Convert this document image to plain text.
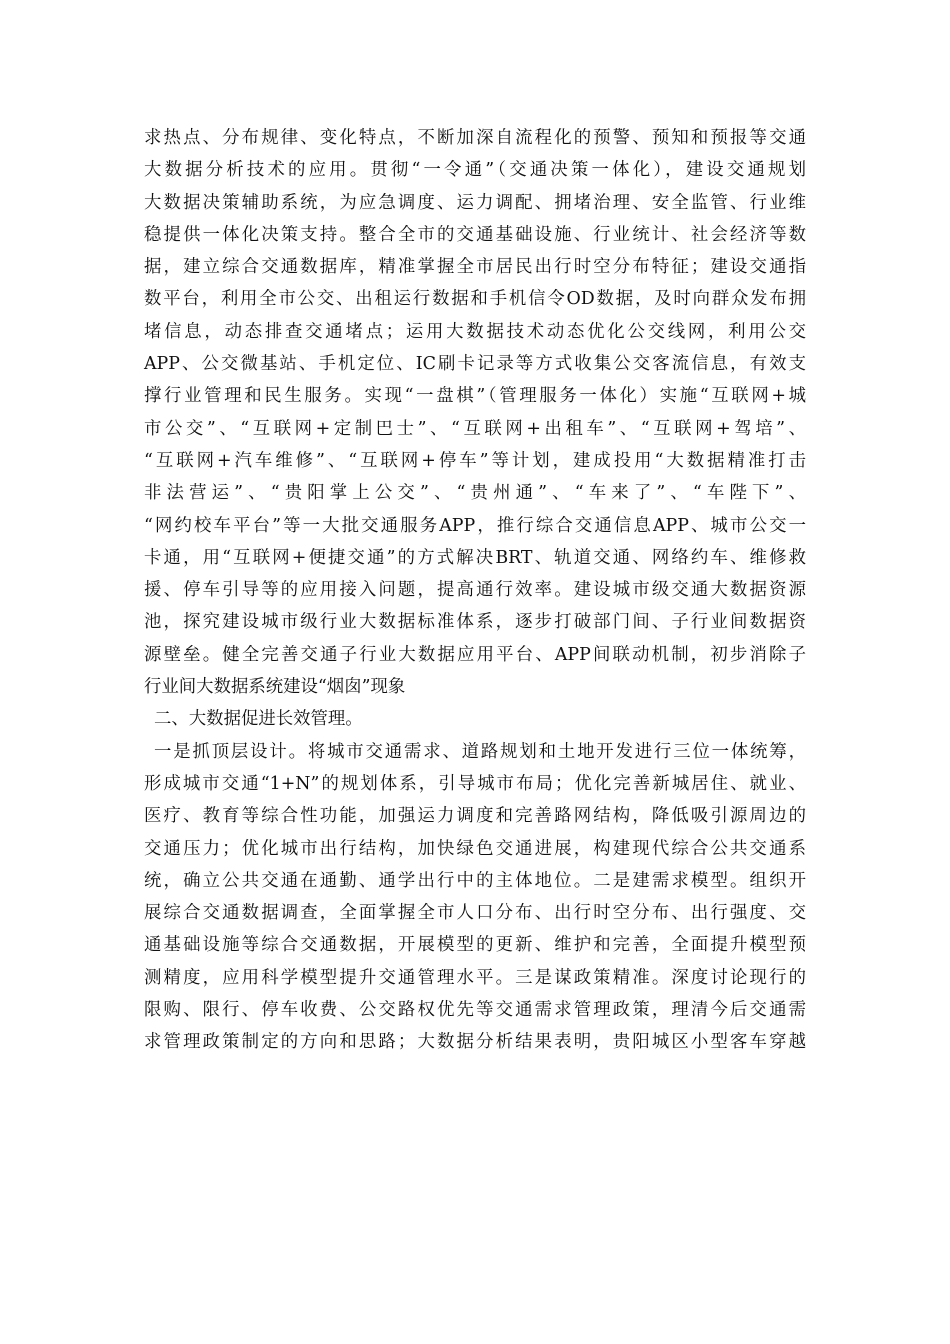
求热点、分布规律、变化特点，不断加深自流程化的预警、预知和预报等交通
大数据分析技术的应用。贯彻“一令通”（交通决策一体化），建设交通规划
大数据决策辅助系统，为应急调度、运力调配、拥堵治理、安全监管、行业维
稳提供一体化决策支持。整合全市的交通基础设施、行业统计、社会经济等数
据，建立综合交通数据库，精准掌握全市居民出行时空分布特征；建设交通指
数平台，利用全市公交、出租运行数据和手机信令OD数据，及时向群众发布拥
堵信息，动态排查交通堵点；运用大数据技术动态优化公交线网，利用公交
APP、公交微基站、手机定位、IC刷卡记录等方式收集公交客流信息，有效支
撑行业管理和民生服务。实现“一盘棋”（管理服务一体化）实施“互联网+城
市公交”、“互联网+定制巴士”、“互联网+出租车”、“互联网+驾培”、
“互联网+汽车维修”、“互联网+停车”等计划，建成投用“大数据精准打击
非法营运”、“贵阳掌上公交”、“贵州通”、“车来了”、“车陛下”、
“网约校车平台”等一大批交通服务APP，推行综合交通信息APP、城市公交一
卡通，用“互联网+便捷交通”的方式解决BRT、轨道交通、网络约车、维修救
援、停车引导等的应用接入问题，提高通行效率。建设城市级交通大数据资源
池，探究建设城市级行业大数据标准体系，逐步打破部门间、子行业间数据资
源壁垒。健全完善交通子行业大数据应用平台、APP间联动机制，初步消除子
行业间大数据系统建设“烟囱”现象
二、大数据促进长效管理。
一是抓顶层设计。将城市交通需求、道路规划和土地开发进行三位一体统筹，
形成城市交通“1+N”的规划体系，引导城市布局；优化完善新城居住、就业、
医疗、教育等综合性功能，加强运力调度和完善路网结构，降低吸引源周边的
交通压力；优化城市出行结构，加快绿色交通进展，构建现代综合公共交通系
统，确立公共交通在通勤、通学出行中的主体地位。二是建需求模型。组织开
展综合交通数据调查，全面掌握全市人口分布、出行时空分布、出行强度、交
通基础设施等综合交通数据，开展模型的更新、维护和完善，全面提升模型预
测精度，应用科学模型提升交通管理水平。三是谋政策精准。深度讨论现行的
限购、限行、停车收费、公交路权优先等交通需求管理政策，理清今后交通需
求管理政策制定的方向和思路；大数据分析结果表明，贵阳城区小型客车穿越
